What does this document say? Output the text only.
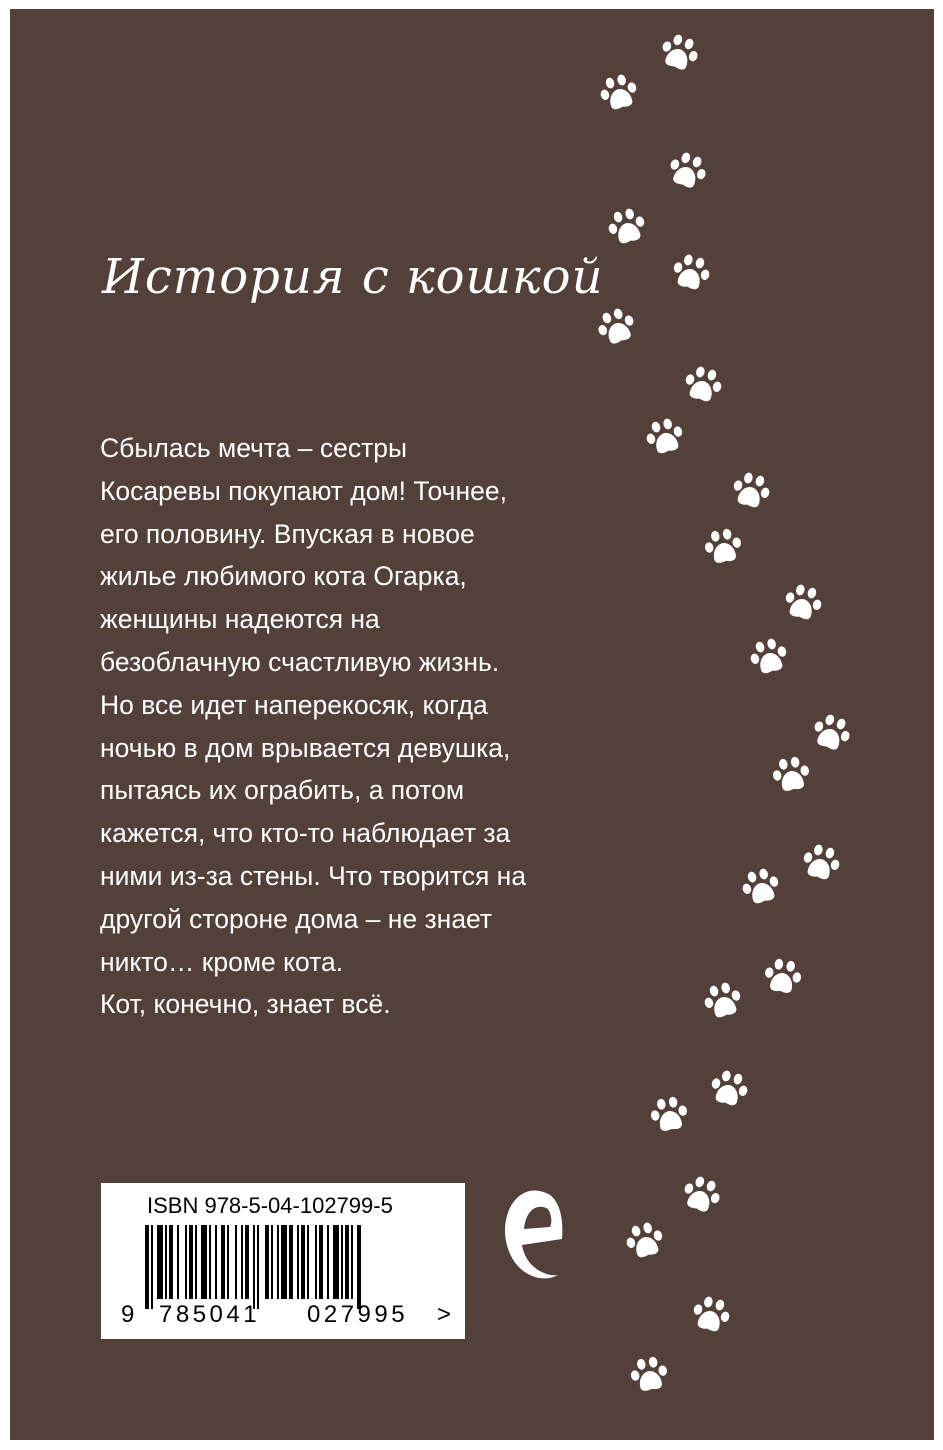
История с кошкой

Сбылась мечта – сестры

Косаревы покупают дом! Точнее,

его половину. Впуская в новое

жилье любимого кота Огарка,

женщины надеются на

безоблачную счастливую жизнь.

Но все идет наперекосяк, когда

ночью в дом врывается девушка,

пытаясь их ограбить, а потом

кажется, что кто-то наблюдает за

ними из-за стены. Что творится на

другой стороне дома – не знает

никто… кроме кота.

Кот, конечно, знает всё.

ISBN 978-5-04-102799-5
9 785041 027995 >
